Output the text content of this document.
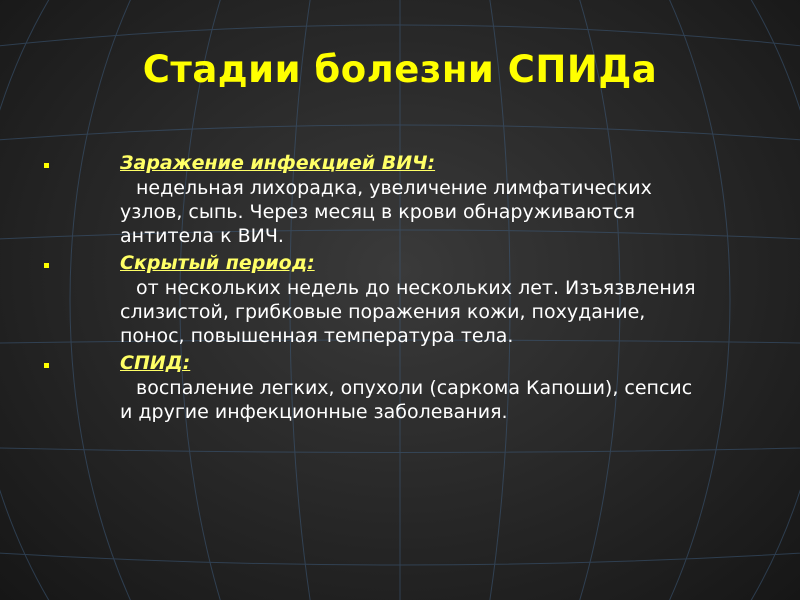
Стадии болезни СПИДа
Заражение инфекцией ВИЧ:
недельная лихорадка, увеличение лимфатических узлов, сыпь. Через месяц в крови обнаруживаются антитела к ВИЧ.
Скрытый период:
от нескольких недель до нескольких лет. Изъязвления слизистой, грибковые поражения кожи, похудание, понос, повышенная температура тела.
СПИД:
воспаление легких, опухоли (саркома Капоши), сепсис и другие инфекционные заболевания.
